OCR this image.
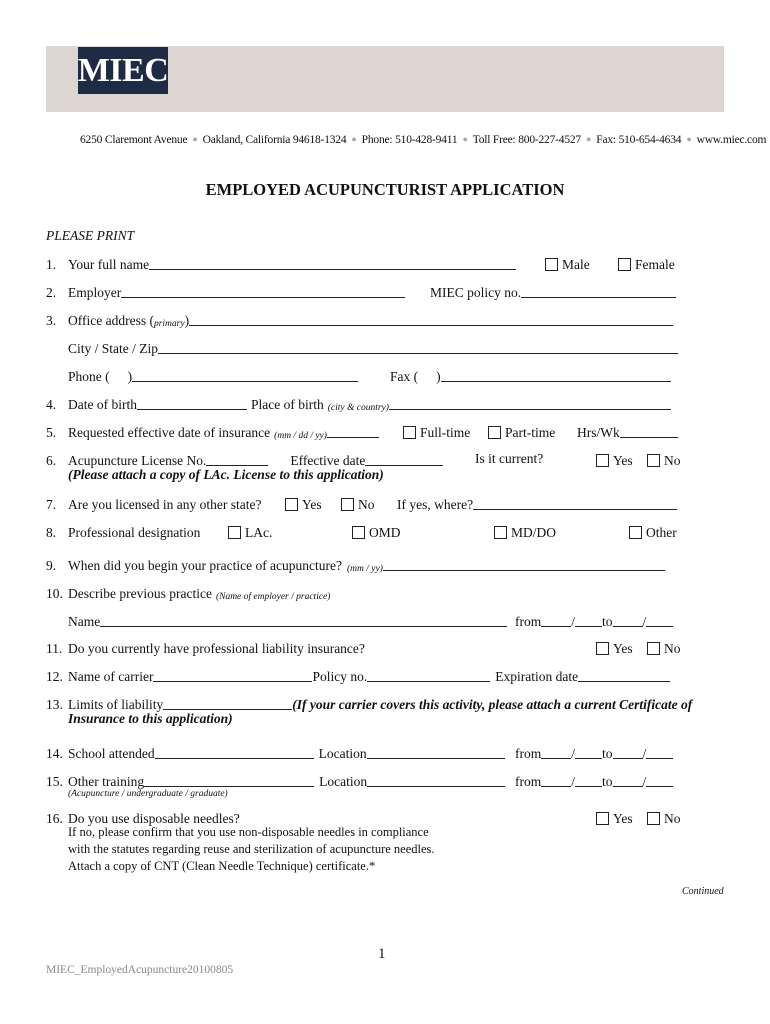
MIEC
6250 Claremont Avenue ● Oakland, California 94618-1324 ● Phone: 510-428-9411 ● Toll Free: 800-227-4527 ● Fax: 510-654-4634 ● www.miec.com
EMPLOYED ACUPUNCTURIST APPLICATION
PLEASE PRINT
1. Your full name	Male	Female
2. Employer	MIEC policy no.
3. Office address ( primary )
City / State / Zip
Phone ( )	Fax ( )
4. Date of birth	Place of birth (city & country)
5. Requested effective date of insurance (mm / dd / yy)	Full-time	Part-time Hrs/Wk
6. Acupuncture License No.	Effective date	Is it current?	Yes No
(Please attach a copy of LAc. License to this application)
7. Are you licensed in any other state?	Yes	No If yes, where?
8. Professional designation	LAc.	OMD	MD/DO	Other
9. When did you begin your practice of acupuncture? (mm / yy)
10. Describe previous practice (Name of employer / practice)
Name	from / to /
11. Do you currently have professional liability insurance?	Yes No
12. Name of carrier	Policy no.	Expiration date
13. Limits of liability	(If your carrier covers this activity, please attach a current Certificate of
Insurance to this application)
14. School attended	Location	from / to /
15. Other training	Location	from / to /
(Acupuncture / undergraduate / graduate)
16. Do you use disposable needles?	Yes No
If no, please confirm that you use non-disposable needles in compliance
with the statutes regarding reuse and sterilization of acupuncture needles.
Attach a copy of CNT (Clean Needle Technique) certificate.*
Continued
1
MIEC_EmployedAcupuncture20100805
